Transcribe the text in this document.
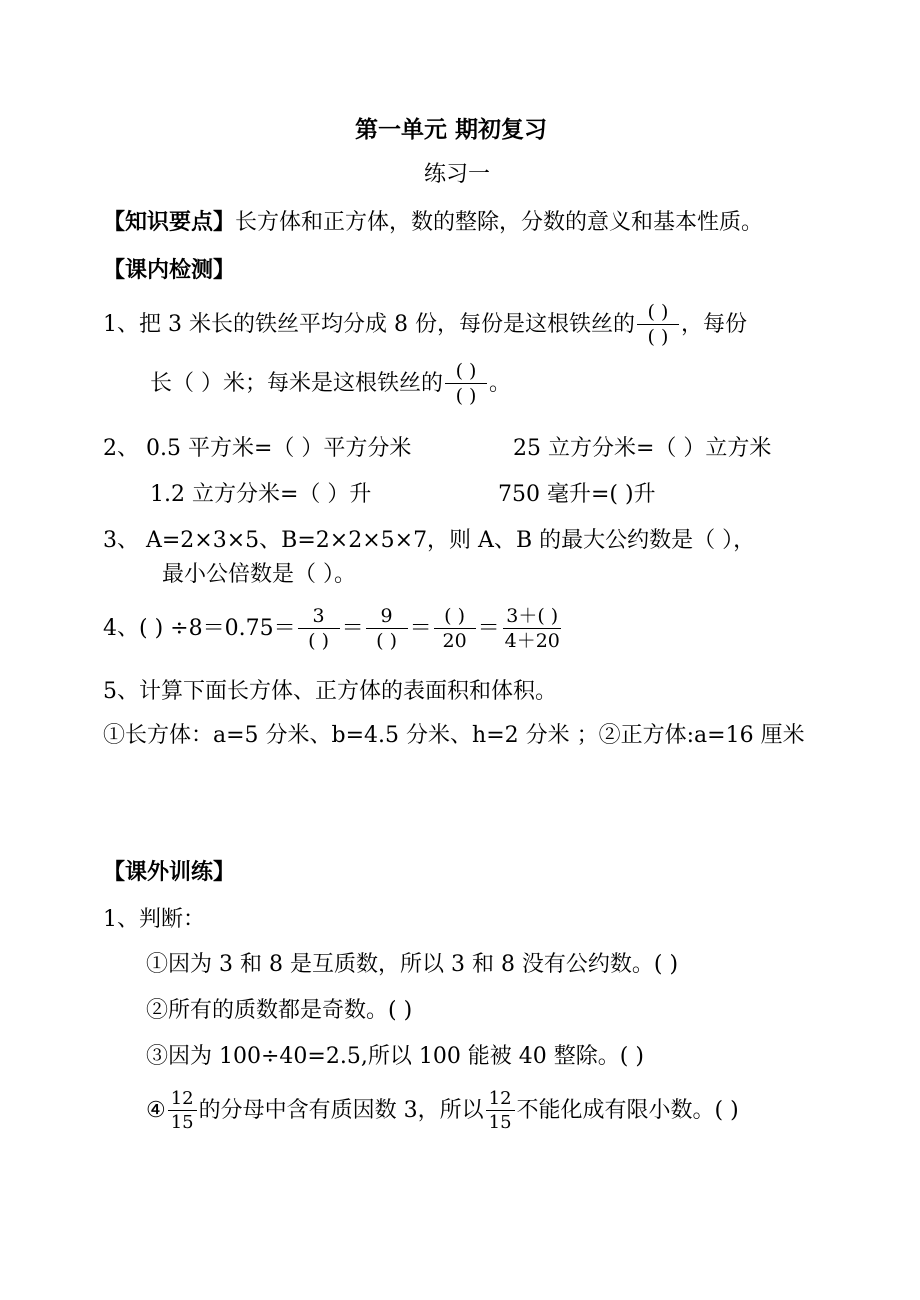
第一单元 期初复习
练习一
【知识要点】长方体和正方体，数的整除，分数的意义和基本性质。
【课内检测】
1、把 3 米长的铁丝平均分成 8 份，每份是这根铁丝的 $\frac{( )}{( )}$ ，每份
长（ ）米；每米是这根铁丝的 $\frac{( )}{( )}$ 。
2、 0.5 平方米=（ ）平方分米	25 立方分米=（ ）立方米
1.2 立方分米=（ ）升	750 毫升=( )升
3、 A=2×3×5、B=2×2×5×7，则 A、B 的最大公约数是（ ），
最小公倍数是（ ）。
4、( ) $\div 8=0.75= \frac{3}{( )} = \frac{9}{( )} = \frac{( )}{20} = \frac{3+( )}{4+20}$
5、计算下面长方体、正方体的表面积和体积。
①长方体：a=5 分米、b=4.5 分米、h=2 分米 ；②正方体:a=16 厘米
【课外训练】
1、判断：
①因为 3 和 8 是互质数，所以 3 和 8 没有公约数。( )
②所有的质数都是奇数。( )
③因为 100÷40=2.5,所以 100 能被 40 整除。( )
④ $\frac{12}{15}$ 的分母中含有质因数 3，所以 $\frac{12}{15}$ 不能化成有限小数。( )
